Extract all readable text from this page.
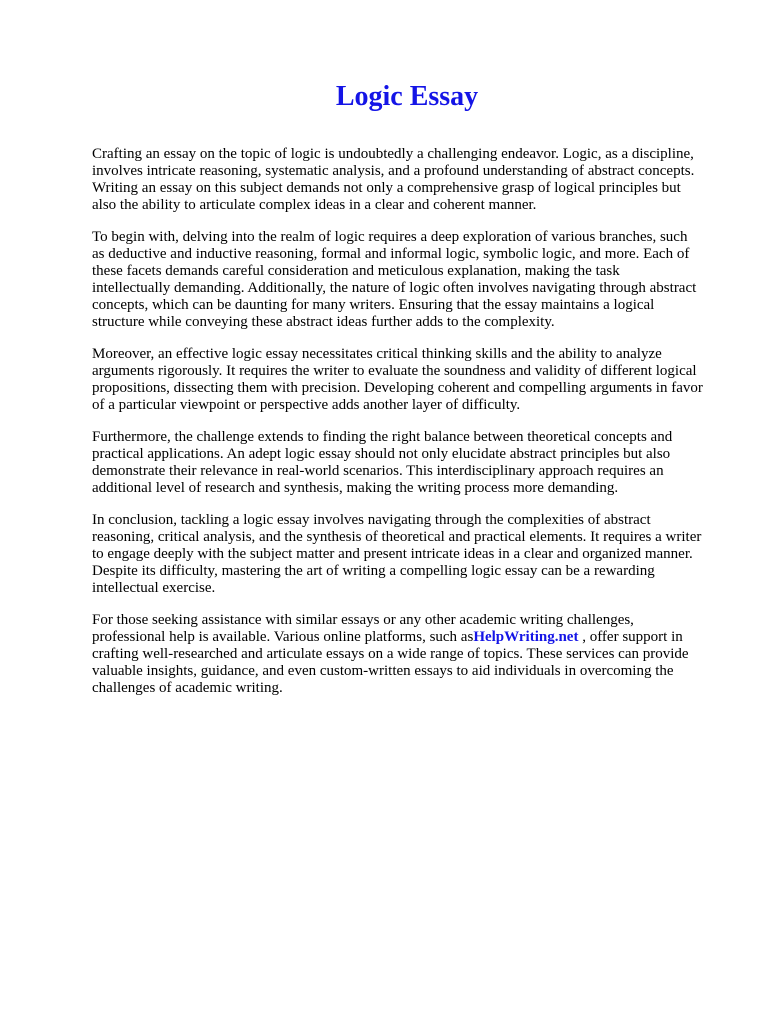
Logic Essay

Crafting an essay on the topic of logic is undoubtedly a challenging endeavor. Logic, as a discipline,
involves intricate reasoning, systematic analysis, and a profound understanding of abstract concepts.
Writing an essay on this subject demands not only a comprehensive grasp of logical principles but
also the ability to articulate complex ideas in a clear and coherent manner.

To begin with, delving into the realm of logic requires a deep exploration of various branches, such
as deductive and inductive reasoning, formal and informal logic, symbolic logic, and more. Each of
these facets demands careful consideration and meticulous explanation, making the task
intellectually demanding. Additionally, the nature of logic often involves navigating through abstract
concepts, which can be daunting for many writers. Ensuring that the essay maintains a logical
structure while conveying these abstract ideas further adds to the complexity.

Moreover, an effective logic essay necessitates critical thinking skills and the ability to analyze
arguments rigorously. It requires the writer to evaluate the soundness and validity of different logical
propositions, dissecting them with precision. Developing coherent and compelling arguments in favor
of a particular viewpoint or perspective adds another layer of difficulty.

Furthermore, the challenge extends to finding the right balance between theoretical concepts and
practical applications. An adept logic essay should not only elucidate abstract principles but also
demonstrate their relevance in real-world scenarios. This interdisciplinary approach requires an
additional level of research and synthesis, making the writing process more demanding.

In conclusion, tackling a logic essay involves navigating through the complexities of abstract
reasoning, critical analysis, and the synthesis of theoretical and practical elements. It requires a writer
to engage deeply with the subject matter and present intricate ideas in a clear and organized manner.
Despite its difficulty, mastering the art of writing a compelling logic essay can be a rewarding
intellectual exercise.

For those seeking assistance with similar essays or any other academic writing challenges,
professional help is available. Various online platforms, such asHelpWriting.net , offer support in
crafting well-researched and articulate essays on a wide range of topics. These services can provide
valuable insights, guidance, and even custom-written essays to aid individuals in overcoming the
challenges of academic writing.
